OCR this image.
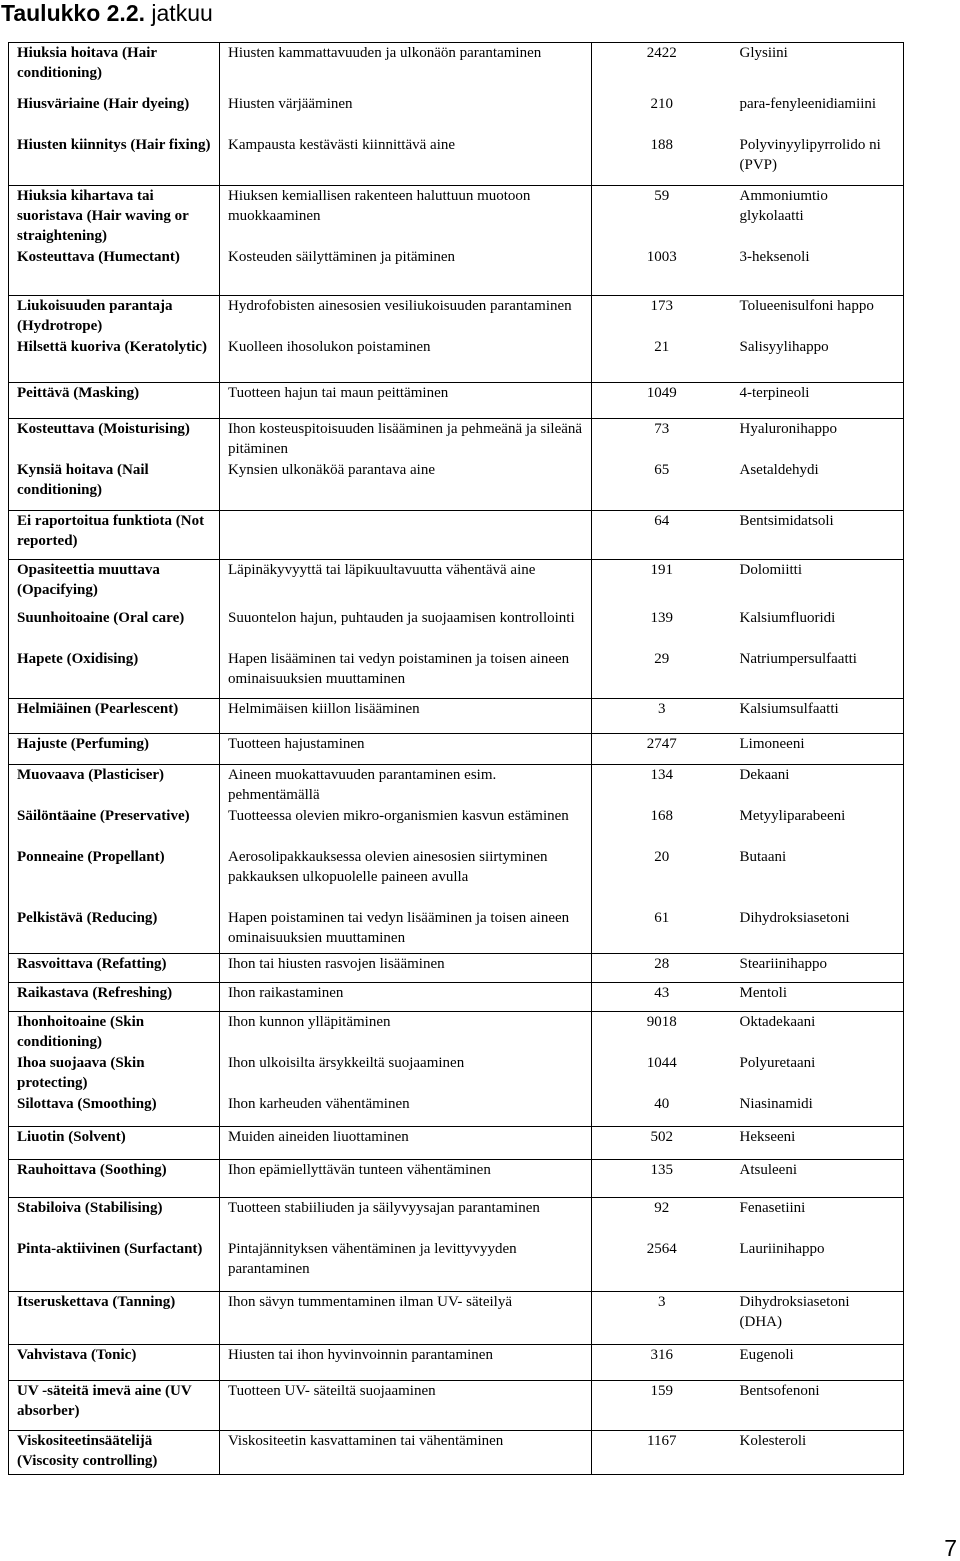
Taulukko 2.2. jatkuu
Hiuksia hoitava (Hair conditioning)	Hiusten kammattavuuden ja ulkonäön parantaminen	2422	Glysiini
Hiusväriaine (Hair dyeing)	Hiusten värjääminen	210	para-fenyleenidiamiini
Hiusten kiinnitys (Hair fixing)	Kampausta kestävästi kiinnittävä aine	188	Polyvinyylipyrrolido ni (PVP)
Hiuksia kihartava tai suoristava (Hair waving or straightening)	Hiuksen kemiallisen rakenteen haluttuun muotoon muokkaaminen	59	Ammoniumtio glykolaatti
Kosteuttava (Humectant)	Kosteuden säilyttäminen ja pitäminen	1003	3-heksenoli
Liukoisuuden parantaja (Hydrotrope)	Hydrofobisten ainesosien vesiliukoisuuden parantaminen	173	Tolueenisulfoni happo
Hilsettä kuoriva (Keratolytic)	Kuolleen ihosolukon poistaminen	21	Salisyylihappo
Peittävä (Masking)	Tuotteen hajun tai maun peittäminen	1049	4-terpineoli
Kosteuttava (Moisturising)	Ihon kosteuspitoisuuden lisääminen ja pehmeänä ja sileänä pitäminen	73	Hyaluronihappo
Kynsiä hoitava (Nail conditioning)	Kynsien ulkonäköä parantava aine	65	Asetaldehydi
Ei raportoitua funktiota (Not reported)		64	Bentsimidatsoli
Opasiteettia muuttava (Opacifying)	Läpinäkyvyyttä tai läpikuultavuutta vähentävä aine	191	Dolomiitti
Suunhoitoaine (Oral care)	Suuontelon hajun, puhtauden ja suojaamisen kontrollointi	139	Kalsiumfluoridi
Hapete (Oxidising)	Hapen lisääminen tai vedyn poistaminen ja toisen aineen ominaisuuksien muuttaminen	29	Natriumpersulfaatti
Helmiäinen (Pearlescent)	Helmimäisen kiillon lisääminen	3	Kalsiumsulfaatti
Hajuste (Perfuming)	Tuotteen hajustaminen	2747	Limoneeni
Muovaava (Plasticiser)	Aineen muokattavuuden parantaminen esim. pehmentämällä	134	Dekaani
Säilöntäaine (Preservative)	Tuotteessa olevien mikro-organismien kasvun estäminen	168	Metyyliparabeeni
Ponneaine (Propellant)	Aerosolipakkauksessa olevien ainesosien siirtyminen pakkauksen ulkopuolelle paineen avulla	20	Butaani
Pelkistävä (Reducing)	Hapen poistaminen tai vedyn lisääminen ja toisen aineen ominaisuuksien muuttaminen	61	Dihydroksiasetoni
Rasvoittava (Refatting)	Ihon tai hiusten rasvojen lisääminen	28	Steariinihappo
Raikastava (Refreshing)	Ihon raikastaminen	43	Mentoli
Ihonhoitoaine (Skin conditioning)	Ihon kunnon ylläpitäminen	9018	Oktadekaani
Ihoa suojaava (Skin protecting)	Ihon ulkoisilta ärsykkeiltä suojaaminen	1044	Polyuretaani
Silottava (Smoothing)	Ihon karheuden vähentäminen	40	Niasinamidi
Liuotin (Solvent)	Muiden aineiden liuottaminen	502	Hekseeni
Rauhoittava (Soothing)	Ihon epämiellyttävän tunteen vähentäminen	135	Atsuleeni
Stabiloiva (Stabilising)	Tuotteen stabiiliuden ja säilyvyysajan parantaminen	92	Fenasetiini
Pinta-aktiivinen (Surfactant)	Pintajännityksen vähentäminen ja levittyvyyden parantaminen	2564	Lauriinihappo
Itseruskettava (Tanning)	Ihon sävyn tummentaminen ilman UV- säteilyä	3	Dihydroksiasetoni (DHA)
Vahvistava (Tonic)	Hiusten tai ihon hyvinvoinnin parantaminen	316	Eugenoli
UV -säteitä imevä aine (UV absorber)	Tuotteen UV- säteiltä suojaaminen	159	Bentsofenoni
Viskositeetinsäätelijä (Viscosity controlling)	Viskositeetin kasvattaminen tai vähentäminen	1167	Kolesteroli
7
